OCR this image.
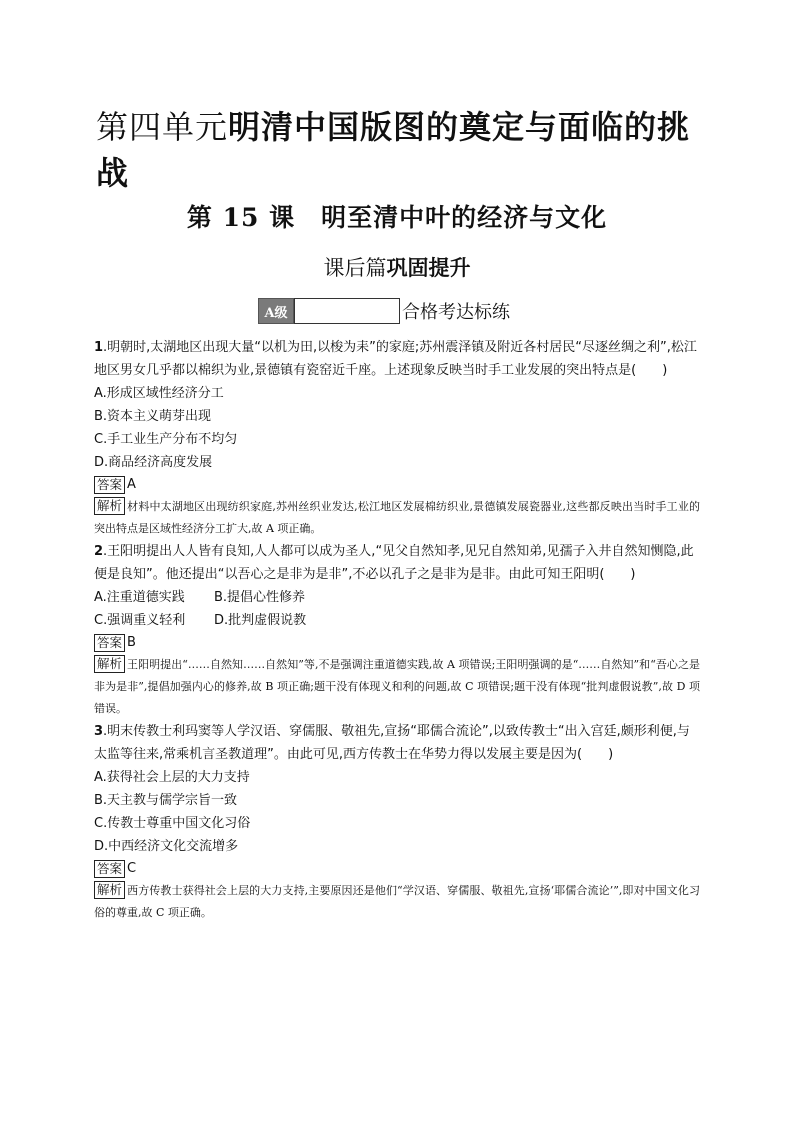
第四单元明清中国版图的奠定与面临的挑战
第 15 课　明至清中叶的经济与文化
课后篇巩固提升
A级	合格考达标练

1.明朝时,太湖地区出现大量“以机为田,以梭为耒”的家庭;苏州震泽镇及附近各村居民“尽逐丝绸之利”,松江地区男女几乎都以棉织为业,景德镇有瓷窑近千座。上述现象反映当时手工业发展的突出特点是(　　)

A.形成区域性经济分工

B.资本主义萌芽出现

C.手工业生产分布不均匀

D.商品经济高度发展

答案 A

解析 材料中太湖地区出现纺织家庭,苏州丝织业发达,松江地区发展棉纺织业,景德镇发展瓷器业,这些都反映出当时手工业的突出特点是区域性经济分工扩大,故 A 项正确。

2.王阳明提出人人皆有良知,人人都可以成为圣人,“见父自然知孝,见兄自然知弟,见孺子入井自然知恻隐,此便是良知”。他还提出“以吾心之是非为是非”,不必以孔子之是非为是非。由此可知王阳明(　　)

A.注重道德实践	B.提倡心性修养
C.强调重义轻利	D.批判虚假说教

答案 B

解析 王阳明提出“……自然知……自然知”等,不是强调注重道德实践,故 A 项错误;王阳明强调的是“……自然知”和“吾心之是非为是非”,提倡加强内心的修养,故 B 项正确;题干没有体现义和利的问题,故 C 项错误;题干没有体现“批判虚假说教”,故 D 项错误。

3.明末传教士利玛窦等人学汉语、穿儒服、敬祖先,宣扬“耶儒合流论”,以致传教士“出入宫廷,颇形利便,与太监等往来,常乘机言圣教道理”。由此可见,西方传教士在华势力得以发展主要是因为(　　)

A.获得社会上层的大力支持

B.天主教与儒学宗旨一致

C.传教士尊重中国文化习俗

D.中西经济文化交流增多

答案 C

解析 西方传教士获得社会上层的大力支持,主要原因还是他们“学汉语、穿儒服、敬祖先,宣扬‘耶儒合流论’”,即对中国文化习俗的尊重,故 C 项正确。
